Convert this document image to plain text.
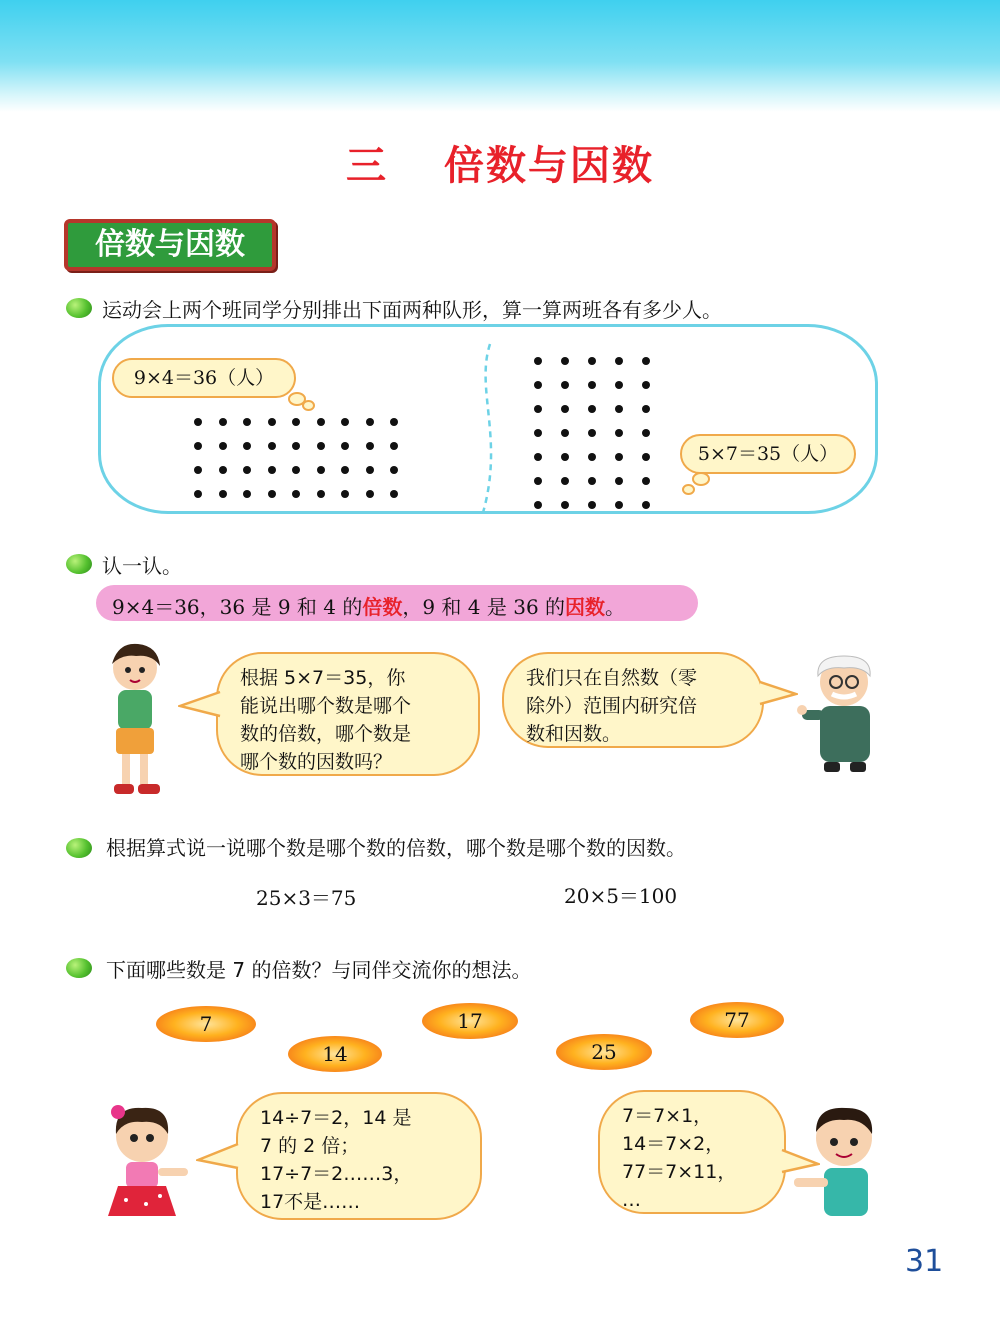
三 倍数与因数
倍数与因数
运动会上两个班同学分别排出下面两种队形，算一算两班各有多少人。
9×4＝36（人）
5×7＝35（人）
认一认。
9×4＝36，36 是 9 和 4 的倍数，9 和 4 是 36 的因数。
根据 5×7＝35，你
能说出哪个数是哪个
数的倍数，哪个数是
哪个数的因数吗？
我们只在自然数（零
除外）范围内研究倍
数和因数。
根据算式说一说哪个数是哪个数的倍数，哪个数是哪个数的因数。
25×3＝75	20×5＝100
下面哪些数是 7 的倍数？与同伴交流你的想法。
7
14
17
25
77
14÷7＝2，14 是
7 的 2 倍；
17÷7＝2……3，
17不是……
7＝7×1，
14＝7×2，
77＝7×11，
…
31
